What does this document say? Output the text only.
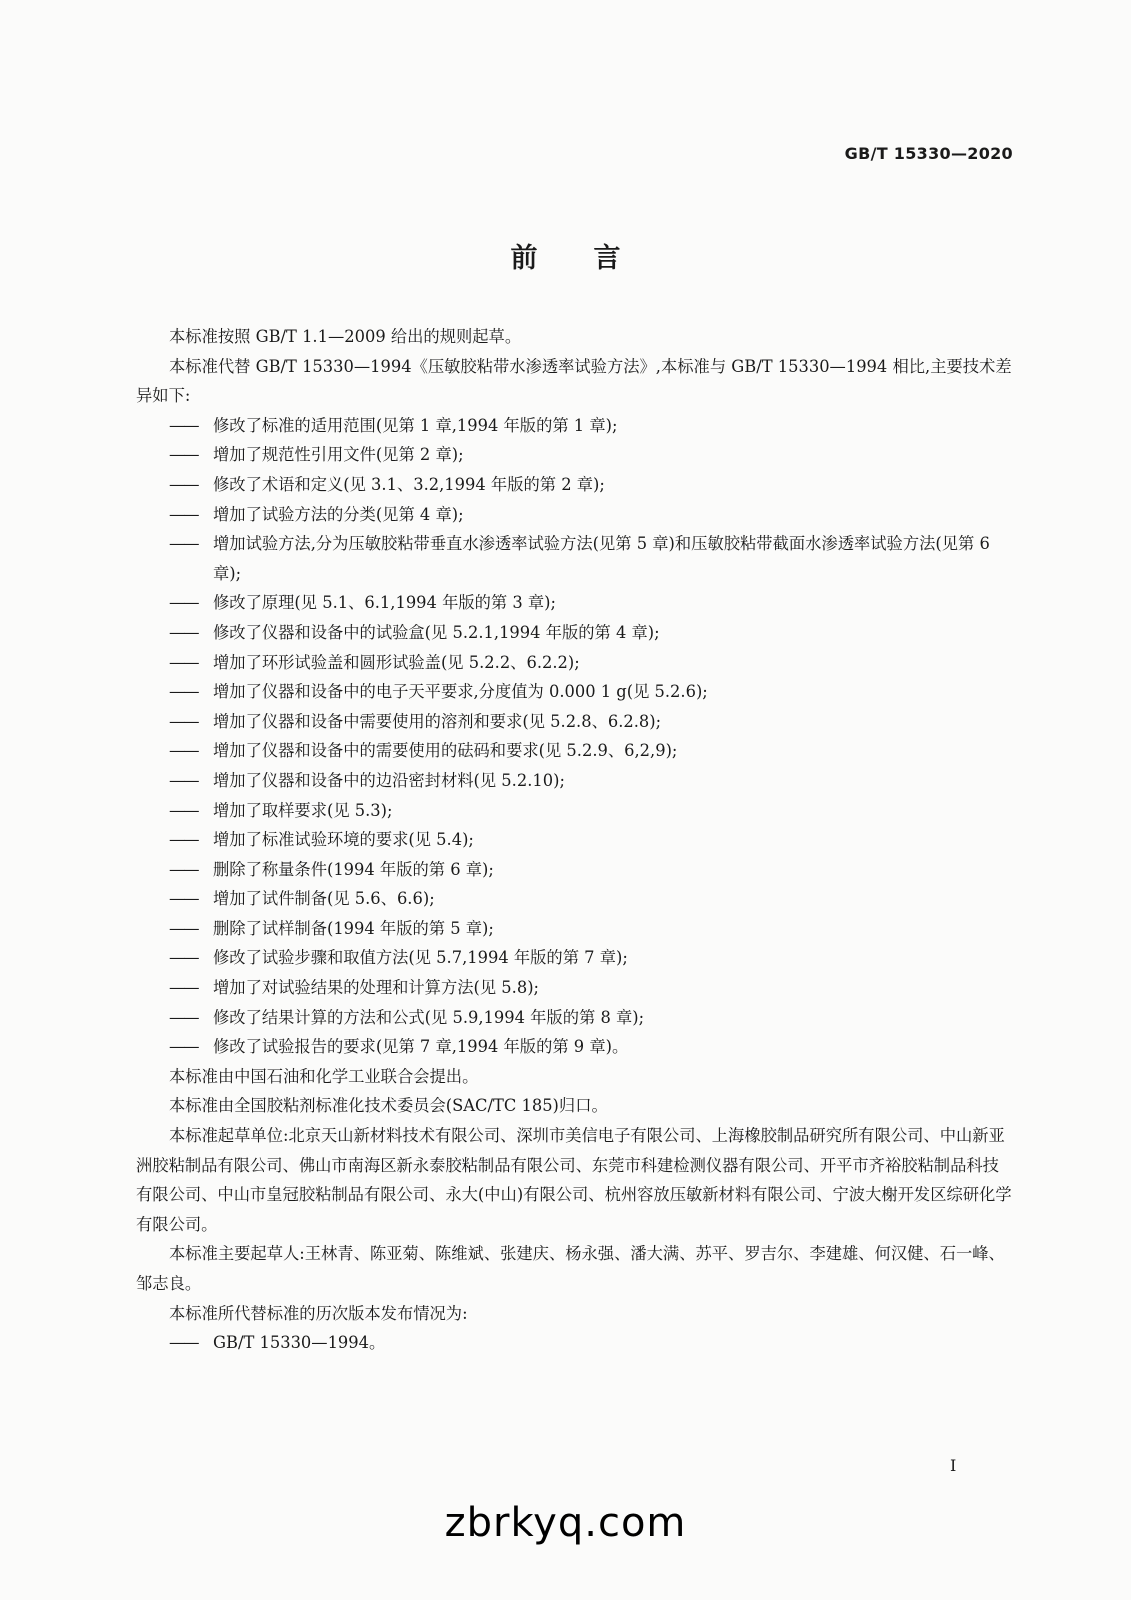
GB/T 15330—2020
前言

本标准按照 GB/T 1.1—2009 给出的规则起草。

本标准代替 GB/T 15330—1994《压敏胶粘带水渗透率试验方法》,本标准与 GB/T 15330—1994 相比,主要技术差异如下:

—— 修改了标准的适用范围(见第 1 章,1994 年版的第 1 章);

—— 增加了规范性引用文件(见第 2 章);

—— 修改了术语和定义(见 3.1、3.2,1994 年版的第 2 章);

—— 增加了试验方法的分类(见第 4 章);

—— 增加试验方法,分为压敏胶粘带垂直水渗透率试验方法(见第 5 章)和压敏胶粘带截面水渗透率试验方法(见第 6 章);

—— 修改了原理(见 5.1、6.1,1994 年版的第 3 章);

—— 修改了仪器和设备中的试验盒(见 5.2.1,1994 年版的第 4 章);

—— 增加了环形试验盖和圆形试验盖(见 5.2.2、6.2.2);

—— 增加了仪器和设备中的电子天平要求,分度值为 0.000 1 g(见 5.2.6);

—— 增加了仪器和设备中需要使用的溶剂和要求(见 5.2.8、6.2.8);

—— 增加了仪器和设备中的需要使用的砝码和要求(见 5.2.9、6,2,9);

—— 增加了仪器和设备中的边沿密封材料(见 5.2.10);

—— 增加了取样要求(见 5.3);

—— 增加了标准试验环境的要求(见 5.4);

—— 删除了称量条件(1994 年版的第 6 章);

—— 增加了试件制备(见 5.6、6.6);

—— 删除了试样制备(1994 年版的第 5 章);

—— 修改了试验步骤和取值方法(见 5.7,1994 年版的第 7 章);

—— 增加了对试验结果的处理和计算方法(见 5.8);

—— 修改了结果计算的方法和公式(见 5.9,1994 年版的第 8 章);

—— 修改了试验报告的要求(见第 7 章,1994 年版的第 9 章)。

本标准由中国石油和化学工业联合会提出。

本标准由全国胶粘剂标准化技术委员会(SAC/TC 185)归口。

本标准起草单位:北京天山新材料技术有限公司、深圳市美信电子有限公司、上海橡胶制品研究所有限公司、中山新亚洲胶粘制品有限公司、佛山市南海区新永泰胶粘制品有限公司、东莞市科建检测仪器有限公司、开平市齐裕胶粘制品科技有限公司、中山市皇冠胶粘制品有限公司、永大(中山)有限公司、杭州容放压敏新材料有限公司、宁波大榭开发区综研化学有限公司。

本标准主要起草人:王林青、陈亚菊、陈维斌、张建庆、杨永强、潘大满、苏平、罗吉尔、李建雄、何汉健、石一峰、邹志良。

本标准所代替标准的历次版本发布情况为:

—— GB/T 15330—1994。

I
zbrkyq.com
